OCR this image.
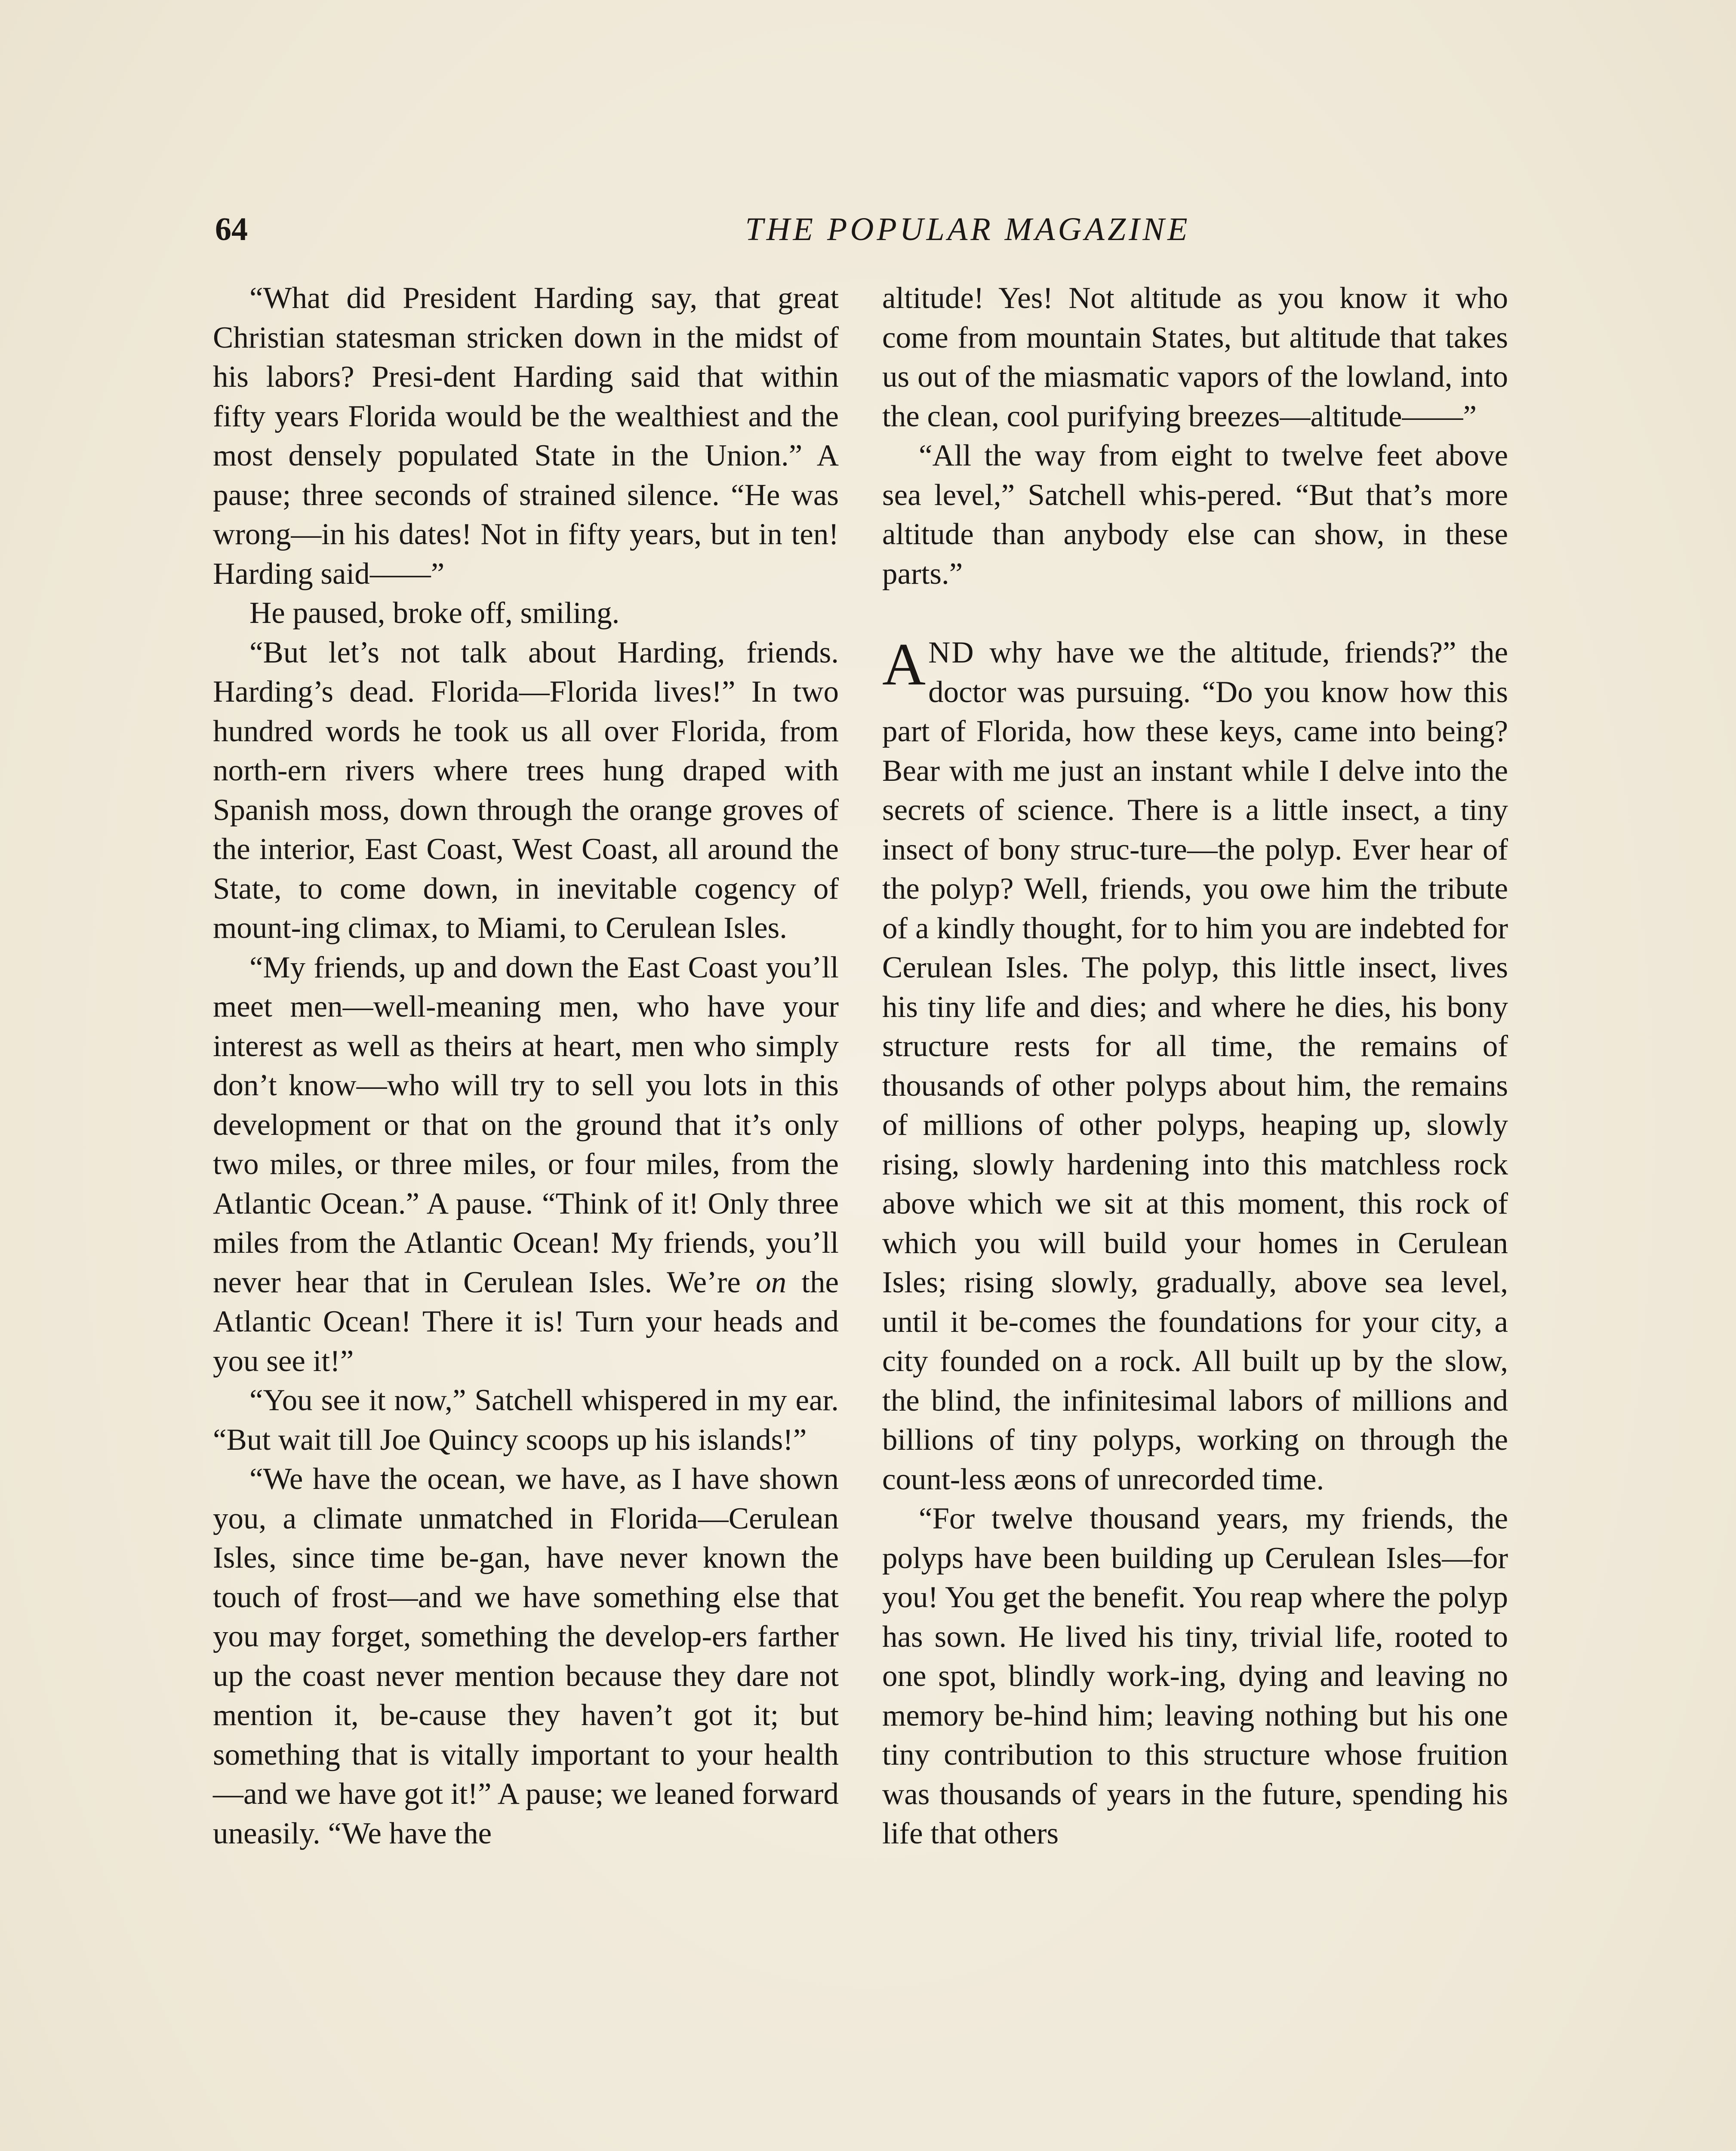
64	THE POPULAR MAGAZINE

“What did President Harding say, that great Christian statesman stricken down in the midst of his labors? Presi-dent Harding said that within fifty years Florida would be the wealthiest and the most densely populated State in the Union.” A pause; three seconds of strained silence. “He was wrong—in his dates! Not in fifty years, but in ten! Harding said——”

He paused, broke off, smiling.

“But let’s not talk about Harding, friends. Harding’s dead. Florida—Florida lives!” In two hundred words he took us all over Florida, from north-ern rivers where trees hung draped with Spanish moss, down through the orange groves of the interior, East Coast, West Coast, all around the State, to come down, in inevitable cogency of mount-ing climax, to Miami, to Cerulean Isles.

“My friends, up and down the East Coast you’ll meet men—well-meaning men, who have your interest as well as theirs at heart, men who simply don’t know—who will try to sell you lots in this development or that on the ground that it’s only two miles, or three miles, or four miles, from the Atlantic Ocean.” A pause. “Think of it! Only three miles from the Atlantic Ocean! My friends, you’ll never hear that in Cerulean Isles. We’re on the Atlantic Ocean! There it is! Turn your heads and you see it!”

“You see it now,” Satchell whispered in my ear. “But wait till Joe Quincy scoops up his islands!”

“We have the ocean, we have, as I have shown you, a climate unmatched in Florida—Cerulean Isles, since time be-gan, have never known the touch of frost—and we have something else that you may forget, something the develop-ers farther up the coast never mention because they dare not mention it, be-cause they haven’t got it; but something that is vitally important to your health —and we have got it!” A pause; we leaned forward uneasily. “We have the

altitude! Yes! Not altitude as you know it who come from mountain States, but altitude that takes us out of the miasmatic vapors of the lowland, into the clean, cool purifying breezes—altitude——”

“All the way from eight to twelve feet above sea level,” Satchell whis-pered. “But that’s more altitude than anybody else can show, in these parts.”

AND why have we the altitude, friends?” the doctor was pursuing. “Do you know how this part of Florida, how these keys, came into being? Bear with me just an instant while I delve into the secrets of science. There is a little insect, a tiny insect of bony struc-ture—the polyp. Ever hear of the polyp? Well, friends, you owe him the tribute of a kindly thought, for to him you are indebted for Cerulean Isles. The polyp, this little insect, lives his tiny life and dies; and where he dies, his bony structure rests for all time, the remains of thousands of other polyps about him, the remains of millions of other polyps, heaping up, slowly rising, slowly hardening into this matchless rock above which we sit at this moment, this rock of which you will build your homes in Cerulean Isles; rising slowly, gradually, above sea level, until it be-comes the foundations for your city, a city founded on a rock. All built up by the slow, the blind, the infinitesimal labors of millions and billions of tiny polyps, working on through the count-less æons of unrecorded time.

“For twelve thousand years, my friends, the polyps have been building up Cerulean Isles—for you! You get the benefit. You reap where the polyp has sown. He lived his tiny, trivial life, rooted to one spot, blindly work-ing, dying and leaving no memory be-hind him; leaving nothing but his one tiny contribution to this structure whose fruition was thousands of years in the future, spending his life that others
